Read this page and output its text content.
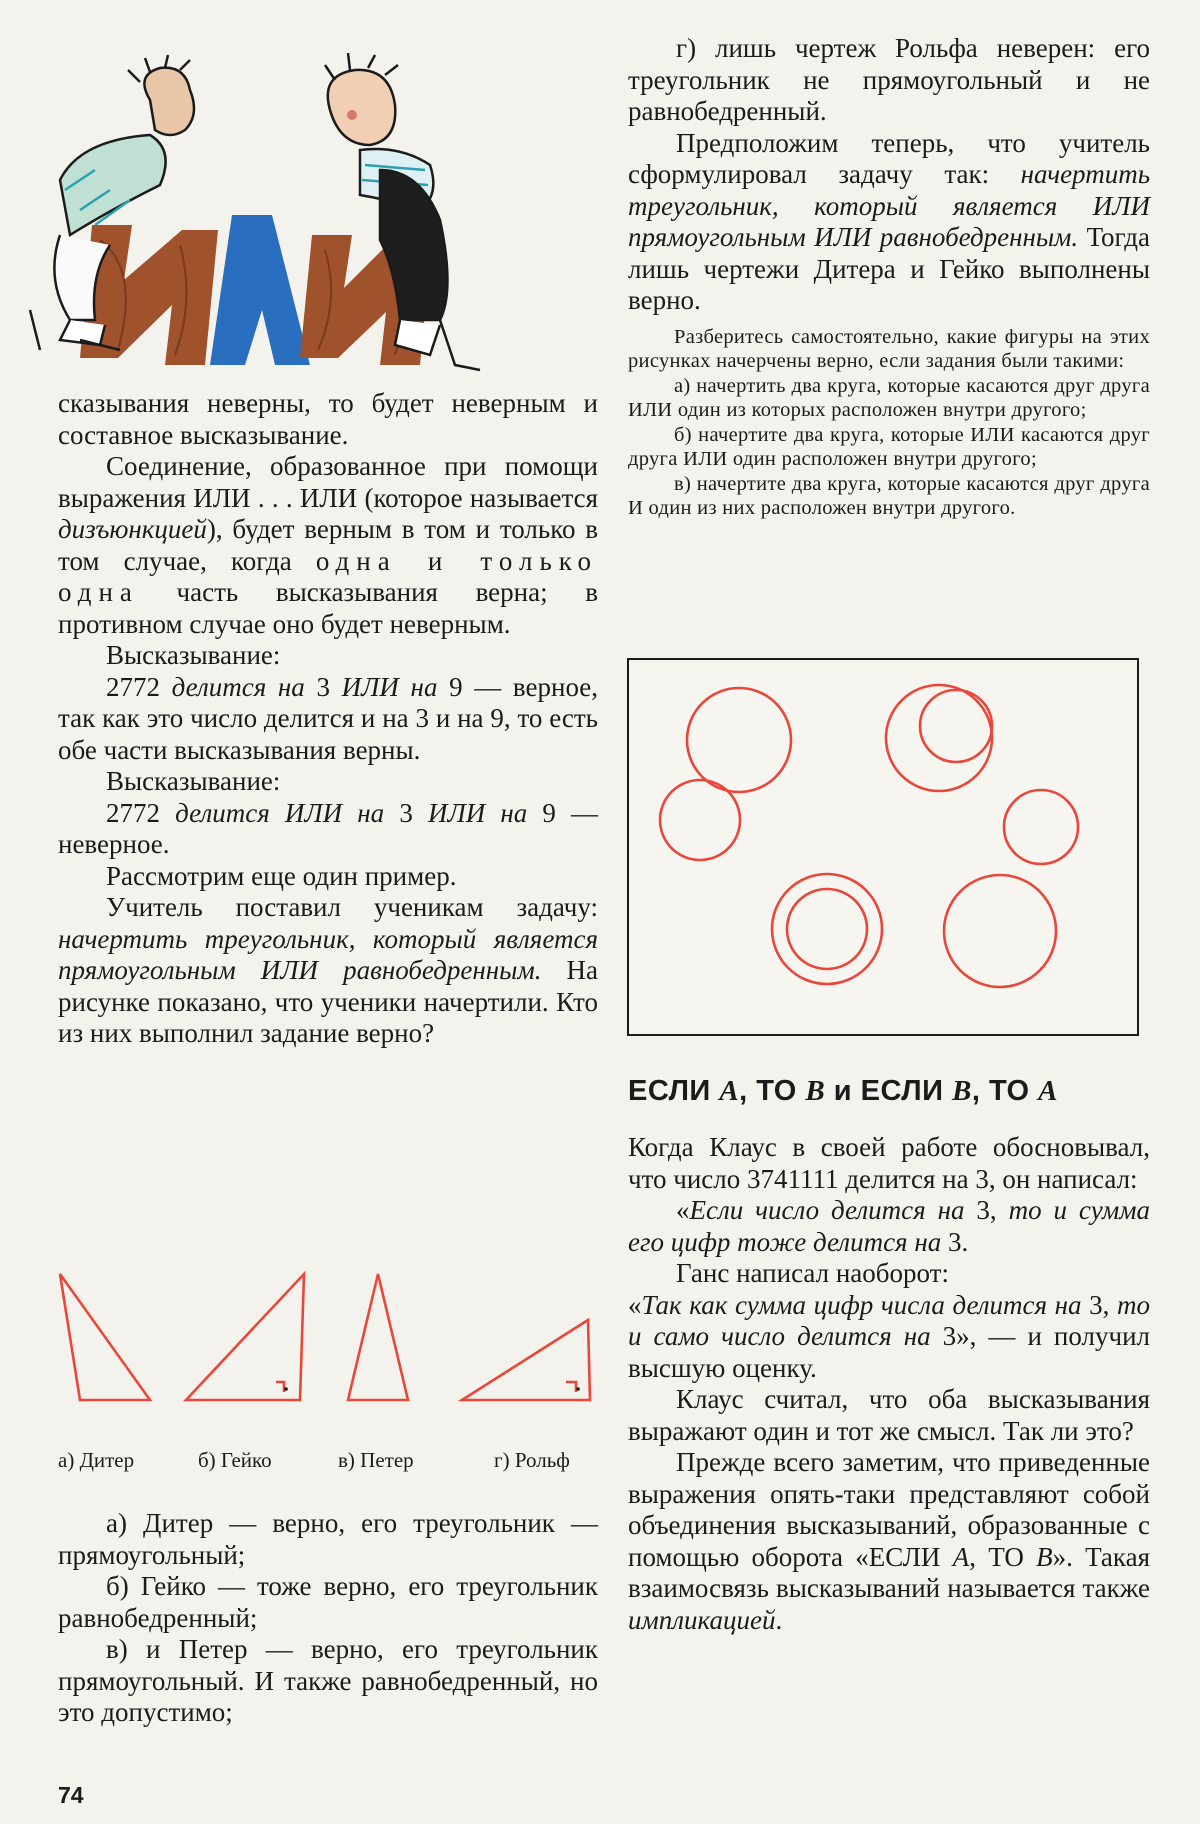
сказывания неверны, то будет неверным и составное высказывание.

Соединение, образованное при помощи выражения ИЛИ . . . ИЛИ (которое называется дизъюнкцией), будет верным в том и только в том случае, когда одна и только одна часть высказывания верна; в противном случае оно будет неверным.

Высказывание:

2772 делится на 3 ИЛИ на 9 — верное, так как это число делится и на 3 и на 9, то есть обе части высказывания верны.

Высказывание:

2772 делится ИЛИ на 3 ИЛИ на 9 — неверное.

Рассмотрим еще один пример.

Учитель поставил ученикам задачу: начертить треугольник, который является прямоугольным ИЛИ равнобедренным. На рисунке показано, что ученики начертили. Кто из них выполнил задание верно?

а) Дитер	б) Гейко	в) Петер	г) Рольф

а) Дитер — верно, его треугольник — прямоугольный;

б) Гейко — тоже верно, его треугольник равнобедренный;

в) и Петер — верно, его треугольник прямоугольный. И также равнобедренный, но это допустимо;

г) лишь чертеж Рольфа неверен: его треугольник не прямоугольный и не равнобедренный.

Предположим теперь, что учитель сформулировал задачу так: начертить треугольник, который является ИЛИ прямоугольным ИЛИ равнобедренным. Тогда лишь чертежи Дитера и Гейко выполнены верно.

Разберитесь самостоятельно, какие фигуры на этих рисунках начерчены верно, если задания были такими:

а) начертить два круга, которые касаются друг друга ИЛИ один из которых расположен внутри другого;

б) начертите два круга, которые ИЛИ касаются друг друга ИЛИ один расположен внутри другого;

в) начертите два круга, которые касаются друг друга И один из них расположен внутри другого.

ЕСЛИ А, ТО В и ЕСЛИ В, ТО А

Когда Клаус в своей работе обосновывал, что число 3741111 делится на 3, он написал:

«Если число делится на 3, то и сумма его цифр тоже делится на 3.

Ганс написал наоборот:

«Так как сумма цифр числа делится на 3, то и само число делится на 3», — и получил высшую оценку.

Клаус считал, что оба высказывания выражают один и тот же смысл. Так ли это?

Прежде всего заметим, что приведенные выражения опять-таки представляют собой объединения высказываний, образованные с помощью оборота «ЕСЛИ А, ТО В». Такая взаимосвязь высказываний называется также импликацией.

74
